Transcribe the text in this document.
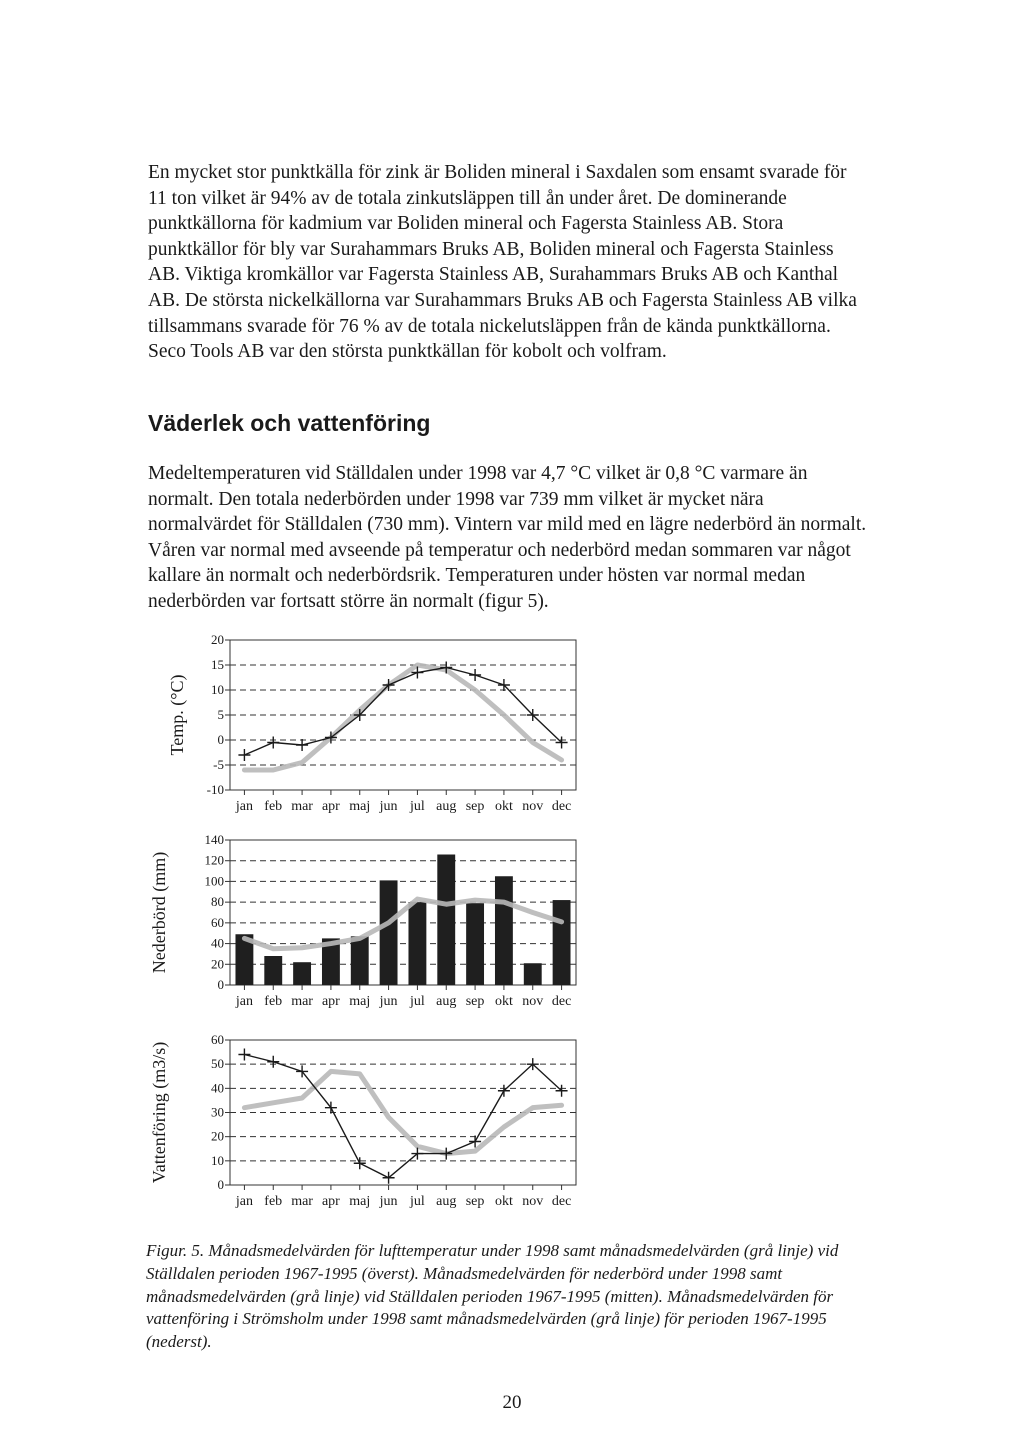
En mycket stor punktkälla för zink är Boliden mineral i Saxdalen som ensamt svarade för 11 ton vilket är 94% av de totala zinkutsläppen till ån under året. De dominerande punktkällorna för kadmium var Boliden mineral och Fagersta Stainless AB. Stora punktkällor för bly var Surahammars Bruks AB, Boliden mineral och Fagersta Stainless AB. Viktiga kromkällor var Fagersta Stainless AB, Surahammars Bruks AB och Kanthal AB. De största nickelkällorna var Surahammars Bruks AB och Fagersta Stainless AB vilka tillsammans svarade för 76 % av de totala nickelutsläppen från de kända punktkällorna. Seco Tools AB var den största punktkällan för kobolt och volfram.

Väderlek och vattenföring

Medeltemperaturen vid Ställdalen under 1998 var 4,7 °C vilket är 0,8 °C varmare än normalt. Den totala nederbörden under 1998 var 739 mm vilket är mycket nära normalvärdet för Ställdalen (730 mm). Vintern var mild med en lägre nederbörd än normalt. Våren var normal med avseende på temperatur och nederbörd medan sommaren var något kallare än normalt och nederbördsrik. Temperaturen under hösten var normal medan nederbörden var fortsatt större än normalt (figur 5).

20
15
10
5
0
-5
-10
jan feb mar apr maj jun jul aug sep okt nov dec
Temp. (°C)
140
120
100
80
60
40
20
0
jan feb mar apr maj jun jul aug sep okt nov dec
Nederbörd (mm)
60
50
40
30
20
10
0
jan feb mar apr maj jun jul aug sep okt nov dec
Vattenföring (m3/s)

Figur. 5. Månadsmedelvärden för lufttemperatur under 1998 samt månadsmedelvärden (grå linje) vid Ställdalen perioden 1967-1995 (överst). Månadsmedelvärden för nederbörd under 1998 samt månadsmedelvärden (grå linje) vid Ställdalen perioden 1967-1995 (mitten). Månadsmedelvärden för vattenföring i Strömsholm under 1998 samt månadsmedelvärden (grå linje) för perioden 1967-1995 (nederst).

20
